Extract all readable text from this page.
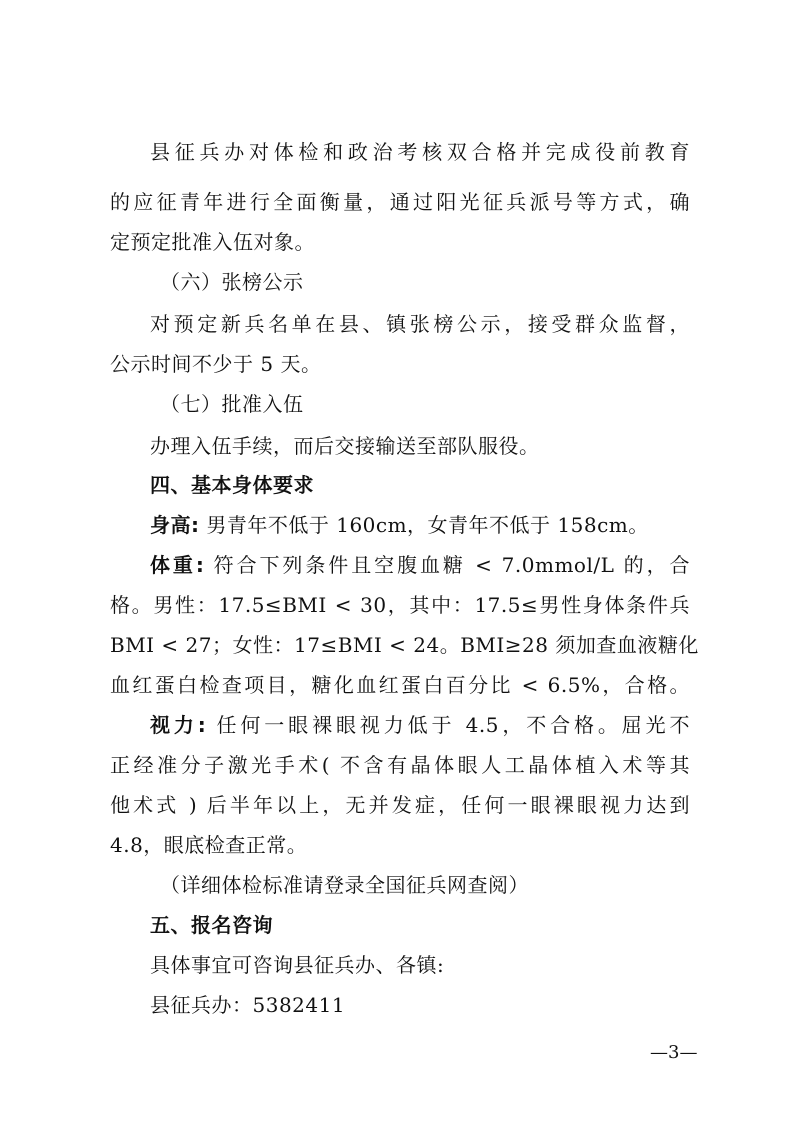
县征兵办对体检和政治考核双合格并完成役前教育
的应征青年进行全面衡量，通过阳光征兵派号等方式，确
定预定批准入伍对象。
（六）张榜公示
对预定新兵名单在县、镇张榜公示，接受群众监督，
公示时间不少于 5 天。
（七）批准入伍
办理入伍手续，而后交接输送至部队服役。
四、基本身体要求
身高: 男青年不低于 160cm，女青年不低于 158cm。
体重: 符合下列条件且空腹血糖 < 7.0mmol/L 的，合
格。男性：17.5≤BMI < 30，其中：17.5≤男性身体条件兵
BMI < 27；女性：17≤BMI < 24。BMI≥28 须加查血液糖化
血红蛋白检查项目，糖化血红蛋白百分比 < 6.5%，合格。
视力: 任何一眼裸眼视力低于 4.5，不合格。屈光不
正经准分子激光手术( 不含有晶体眼人工晶体植入术等其
他术式 ) 后半年以上，无并发症，任何一眼裸眼视力达到
4.8，眼底检查正常。
（详细体检标准请登录全国征兵网查阅）
五、报名咨询
具体事宜可咨询县征兵办、各镇:
县征兵办：5382411
—3—
